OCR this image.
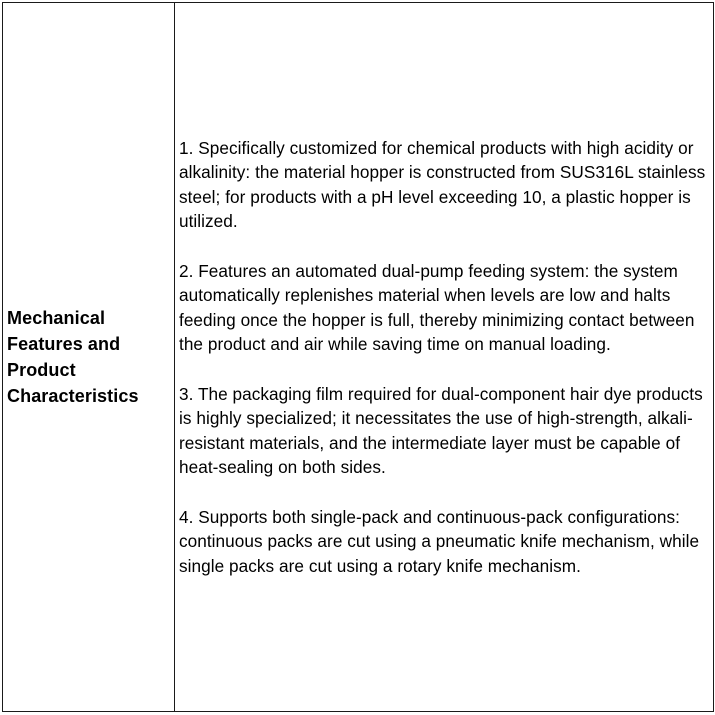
Mechanical Features and Product Characteristics

1. Specifically customized for chemical products with high acidity or alkalinity: the material hopper is constructed from SUS316L stainless steel; for products with a pH level exceeding 10, a plastic hopper is utilized.

2. Features an automated dual-pump feeding system: the system automatically replenishes material when levels are low and halts feeding once the hopper is full, thereby minimizing contact between the product and air while saving time on manual loading.

3. The packaging film required for dual-component hair dye products is highly specialized; it necessitates the use of high-strength, alkali-resistant materials, and the intermediate layer must be capable of heat-sealing on both sides.

4. Supports both single-pack and continuous-pack configurations: continuous packs are cut using a pneumatic knife mechanism, while single packs are cut using a rotary knife mechanism.
